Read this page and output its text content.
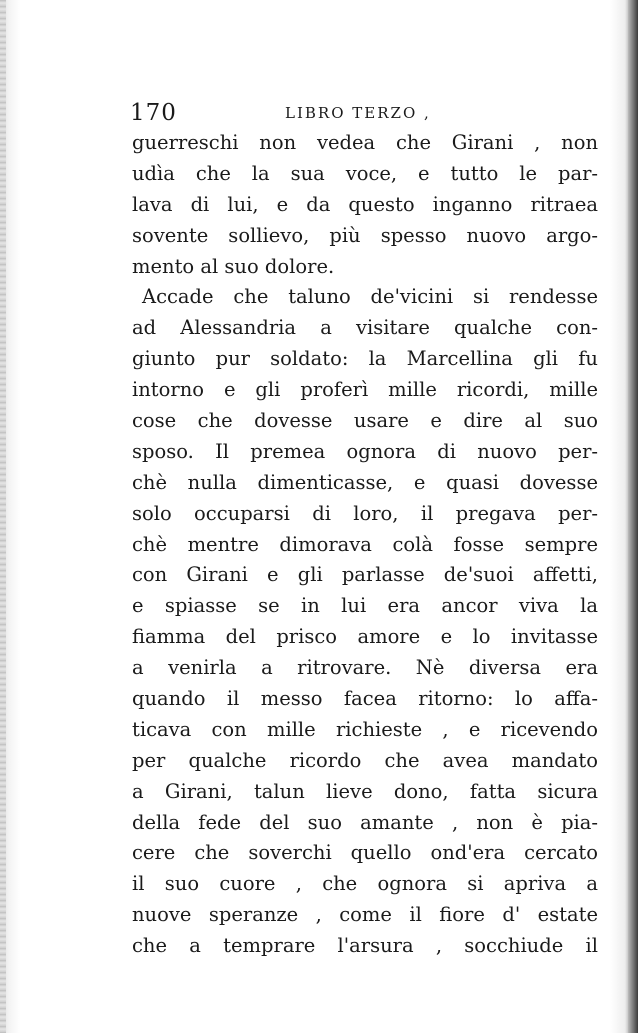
170	LIBRO TERZO ,
guerreschi non vedea che Girani , non
udìa che la sua voce, e tutto le par-
lava di lui, e da questo inganno ritraea
sovente sollievo, più spesso nuovo argo-
mento al suo dolore.
Accade che taluno de'vicini si rendesse
ad Alessandria a visitare qualche con-
giunto pur soldato: la Marcellina gli fu
intorno e gli proferì mille ricordi, mille
cose che dovesse usare e dire al suo
sposo. Il premea ognora di nuovo per-
chè nulla dimenticasse, e quasi dovesse
solo occuparsi di loro, il pregava per-
chè mentre dimorava colà fosse sempre
con Girani e gli parlasse de'suoi affetti,
e spiasse se in lui era ancor viva la
fiamma del prisco amore e lo invitasse
a venirla a ritrovare. Nè diversa era
quando il messo facea ritorno: lo affa-
ticava con mille richieste , e ricevendo
per qualche ricordo che avea mandato
a Girani, talun lieve dono, fatta sicura
della fede del suo amante , non è pia-
cere che soverchi quello ond'era cercato
il suo cuore , che ognora si apriva a
nuove speranze , come il fiore d' estate
che a temprare l'arsura , socchiude il
